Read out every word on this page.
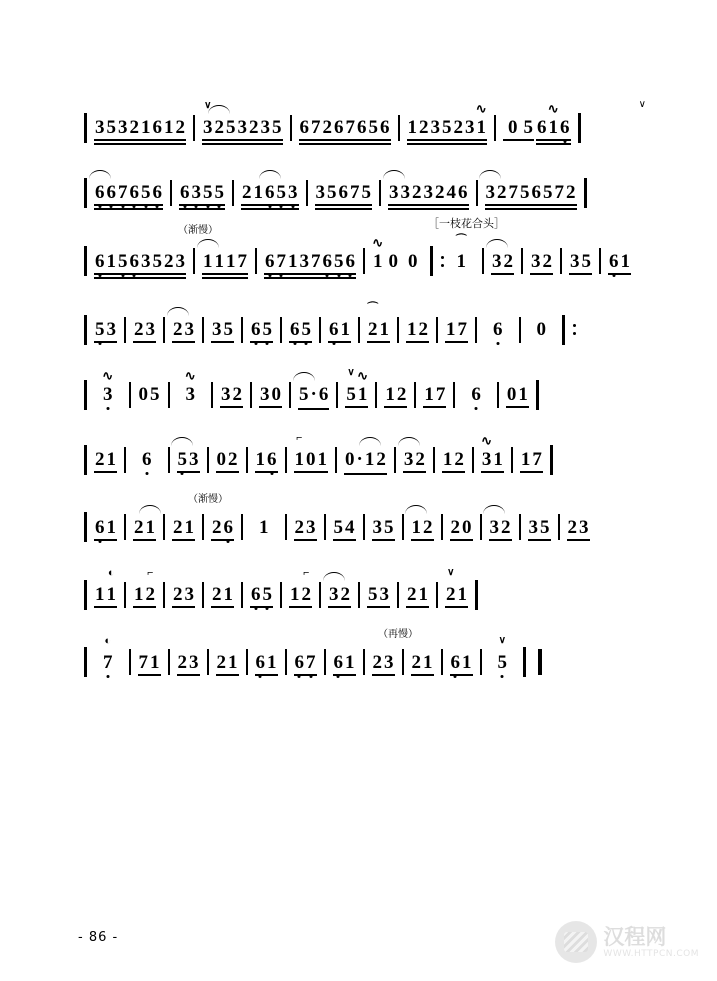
3 5 3 2 1 6 1 2 3
∨
2 5 3 2 3 5 6 7 2 6 7 6 5 6 1 2 3 5 2 3 1
∿
0 5 6 1
∿
6
∨
6 6 7 6 5 6 6 3 5 5 2 1 6 5 3 3 5 6 7 5 3 3 2 3 2 4 6 3 2 7 5 6 5 7 2
（渐慢）
［一枝花合头］
6 1 5 6 3 5 2 3 1 1 1 7 6 7 1 3 7 6 5 6 1
∿
0 0	1
⌒
3 2 3 2 3 5 6 1
5 3 2 3 2 3 3 5 6 5 6 5 6 1 2
⌒
1 1 2 1 7	6	0
3
∿
0 5	3
∿
3 2 3 0 5 · 6 5
∨
1
∿
1 2 1 7	6	0 1
2 1	6	5 3 0 2 1 6 1
⌐
0 1 0 · 1 2 3 2 1 2 3
∿
1 1 7
（渐慢）
6 1 2 1 2 1 2 6	1	2 3 5 4 3 5 1 2 2 0 3 2 3 5 2 3
1 1
◐
1 2
⌐
2 3 2 1 6 5 1 2
⌐
3 2 5 3 2 1 2
∨
1
（再慢）
7
◐
7 1 2 3 2 1 6 1 6 7 6 1 2 3 2 1 6 1	5
∨
- 86 -	汉程网
WWW.HTTPCN.COM
